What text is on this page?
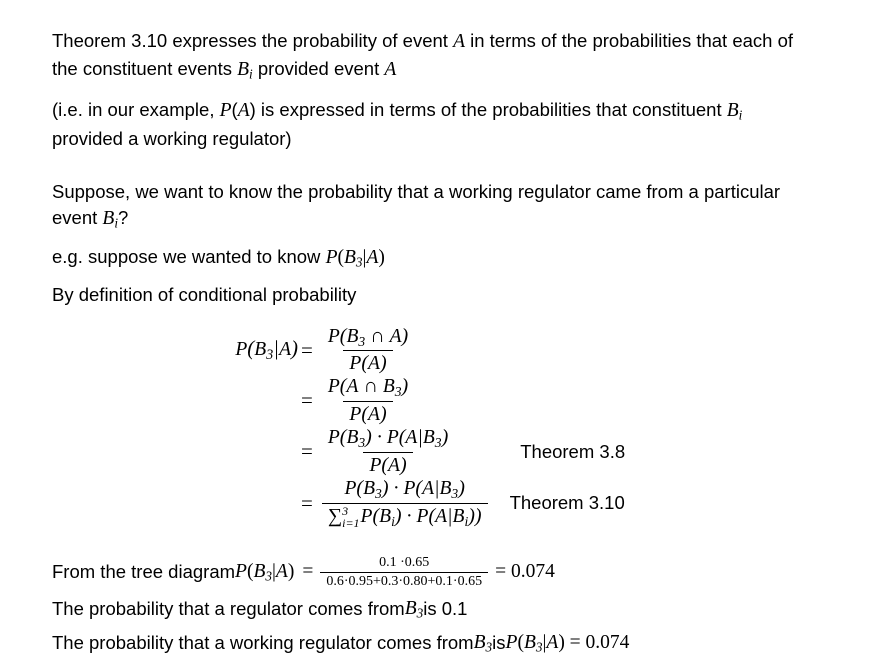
Theorem 3.10 expresses the probability of event A in terms of the probabilities that each of the constituent events $B_i$ provided event A

(i.e. in our example, P(A) is expressed in terms of the probabilities that constituent $B_i$ provided a working regulator)

Suppose, we want to know the probability that a working regulator came from a particular event $B_i$?

e.g. suppose we wanted to know $P(B_3|A)$

By definition of conditional probability

$P(B_3|A) = \frac{P(B_3 \cap A)}{P(A)}$
= $\frac{P(A \cap B_3)}{P(A)}$
= $\frac{P(B_3) \cdot P(A|B_3)}{P(A)}$	Theorem 3.8
= $P(B_3) \cdot P(A|B_3)$
∑ 3
i=1 $P(B_i) \cdot P(A|B_i)$) Theorem 3.10
From the tree diagram $P(B_3|A) = \frac{0.1 \cdot 0.65}{0.6\cdot 0.95+0.3\cdot 0.80+0.1\cdot 0.65} = 0.074$
The probability that a regulator comes from $B_3$ is 0.1
The probability that a working regulator comes from $B_3$ is $P(B_3|A) = 0.074$
